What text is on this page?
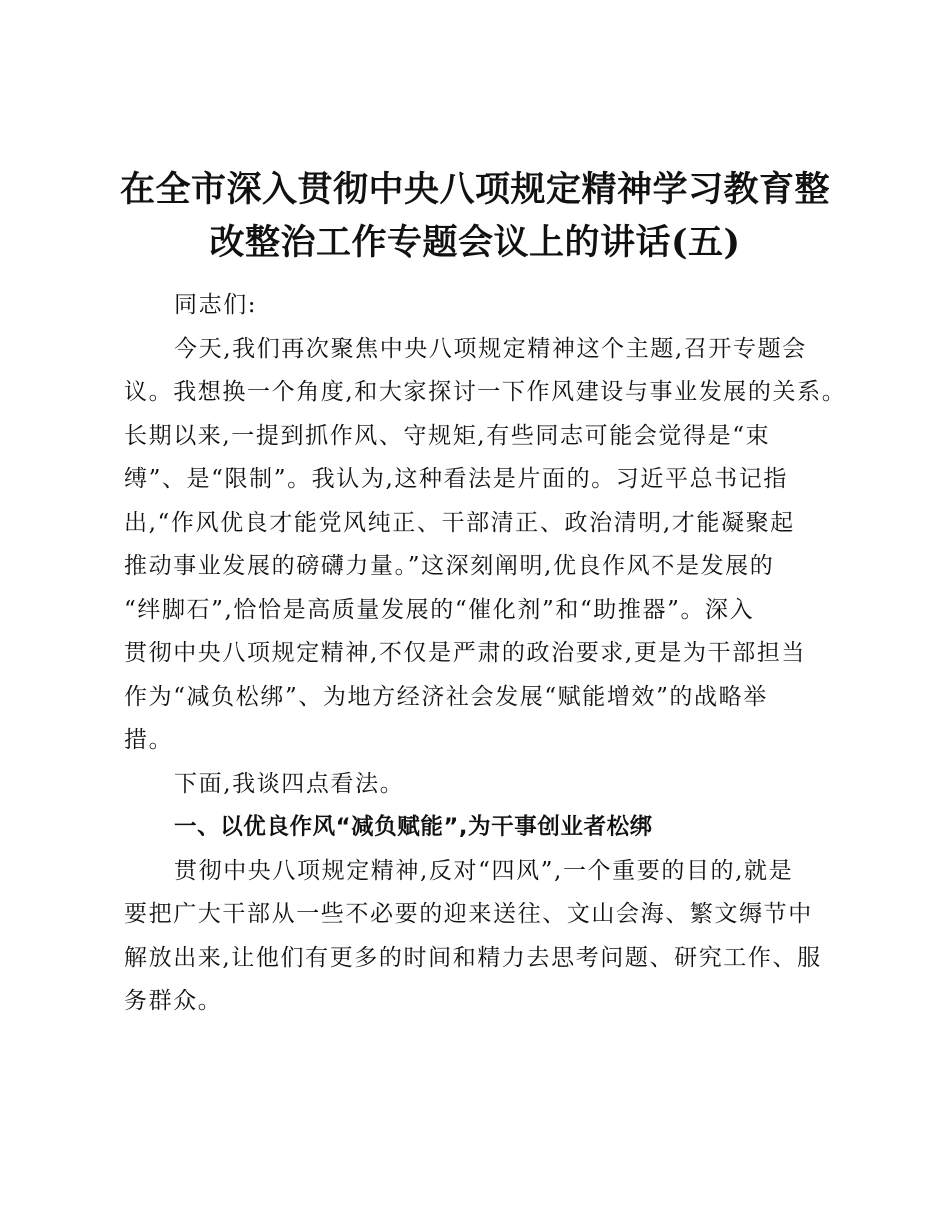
在全市深入贯彻中央八项规定精神学习教育整
改整治工作专题会议上的讲话(五)

同志们:

今天,我们再次聚焦中央八项规定精神这个主题,召开专题会
议。我想换一个角度,和大家探讨一下作风建设与事业发展的关系。
长期以来,一提到抓作风、守规矩,有些同志可能会觉得是“束
缚”、是“限制”。我认为,这种看法是片面的。习近平总书记指
出,“作风优良才能党风纯正、干部清正、政治清明,才能凝聚起
推动事业发展的磅礴力量。”这深刻阐明,优良作风不是发展的
“绊脚石”,恰恰是高质量发展的“催化剂”和“助推器”。深入
贯彻中央八项规定精神,不仅是严肃的政治要求,更是为干部担当
作为“减负松绑”、为地方经济社会发展“赋能增效”的战略举
措。

下面,我谈四点看法。

一、以优良作风“减负赋能”,为干事创业者松绑

贯彻中央八项规定精神,反对“四风”,一个重要的目的,就是
要把广大干部从一些不必要的迎来送往、文山会海、繁文缛节中
解放出来,让他们有更多的时间和精力去思考问题、研究工作、服
务群众。
